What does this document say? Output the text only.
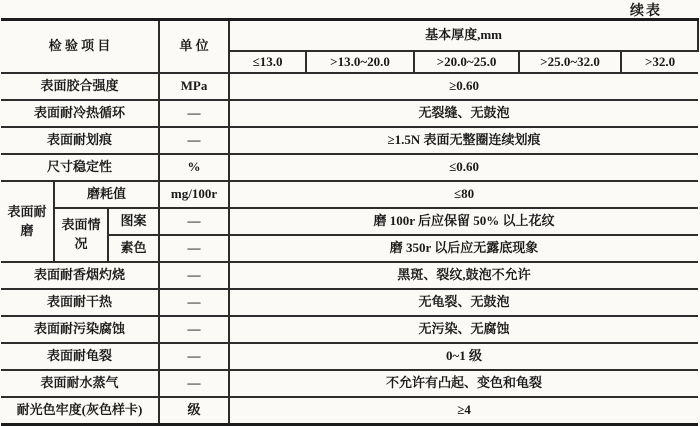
续表
检 验 项 目			单 位	基本厚度,mm				
				≤13.0	>13.0~20.0	>20.0~25.0	>25.0~32.0	>32.0
表面胶合强度			MPa	≥0.60				
表面耐冷热循环			—	无裂缝、无鼓泡				
表面耐划痕			—	≥1.5N 表面无整圈连续划痕				
尺寸稳定性			%	≤0.60				
表面耐磨	磨耗值		mg/100r	≤80				
	表面情况	图案	—	磨 100r 后应保留 50% 以上花纹				
		素色	—	磨 350r 以后应无露底现象				
表面耐香烟灼烧			—	黑斑、裂纹,鼓泡不允许				
表面耐干热			—	无龟裂、无鼓泡				
表面耐污染腐蚀			—	无污染、无腐蚀				
表面耐龟裂			—	0~1 级				
表面耐水蒸气			—	不允许有凸起、变色和龟裂				
耐光色牢度(灰色样卡)			级	≥4				
